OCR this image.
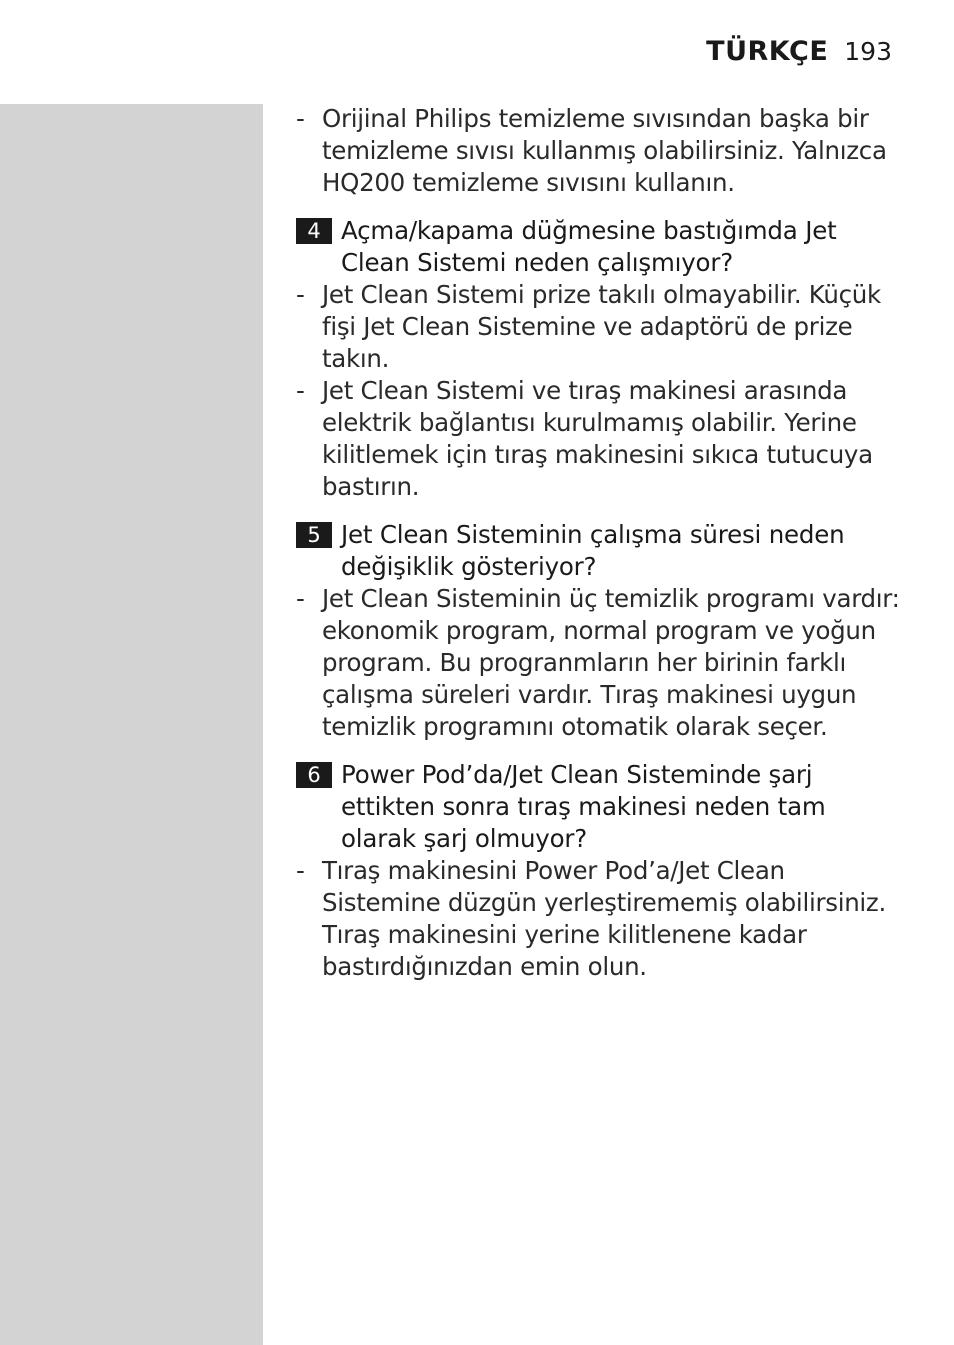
TÜRKÇE 193
- Orijinal Philips temizleme sıvısından başka bir temizleme sıvısı kullanmış olabilirsiniz. Yalnızca HQ200 temizleme sıvısını kullanın.
4 Açma/kapama düğmesine bastığımda Jet Clean Sistemi neden çalışmıyor?
- Jet Clean Sistemi prize takılı olmayabilir. Küçük fişi Jet Clean Sistemine ve adaptörü de prize takın.
- Jet Clean Sistemi ve tıraş makinesi arasında elektrik bağlantısı kurulmamış olabilir. Yerine kilitlemek için tıraş makinesini sıkıca tutucuya bastırın.
5 Jet Clean Sisteminin çalışma süresi neden değişiklik gösteriyor?
- Jet Clean Sisteminin üç temizlik programı vardır: ekonomik program, normal program ve yoğun program. Bu progranmların her birinin farklı çalışma süreleri vardır. Tıraş makinesi uygun temizlik programını otomatik olarak seçer.
6 Power Pod’da/Jet Clean Sisteminde şarj ettikten sonra tıraş makinesi neden tam olarak şarj olmuyor?
- Tıraş makinesini Power Pod’a/Jet Clean Sistemine düzgün yerleştirememiş olabilirsiniz. Tıraş makinesini yerine kilitlenene kadar bastırdığınızdan emin olun.
